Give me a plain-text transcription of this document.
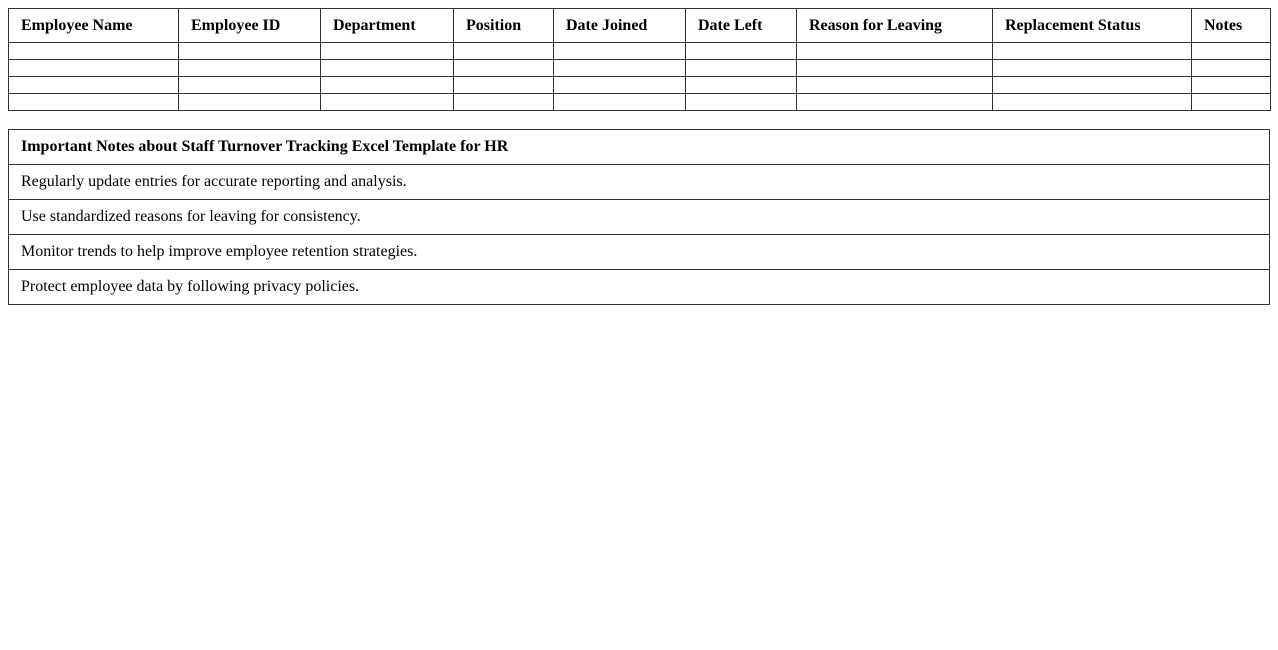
Employee Name	Employee ID	Department	Position	Date Joined	Date Left	Reason for Leaving	Replacement Status	Notes

Important Notes about Staff Turnover Tracking Excel Template for HR
Regularly update entries for accurate reporting and analysis.
Use standardized reasons for leaving for consistency.
Monitor trends to help improve employee retention strategies.
Protect employee data by following privacy policies.
